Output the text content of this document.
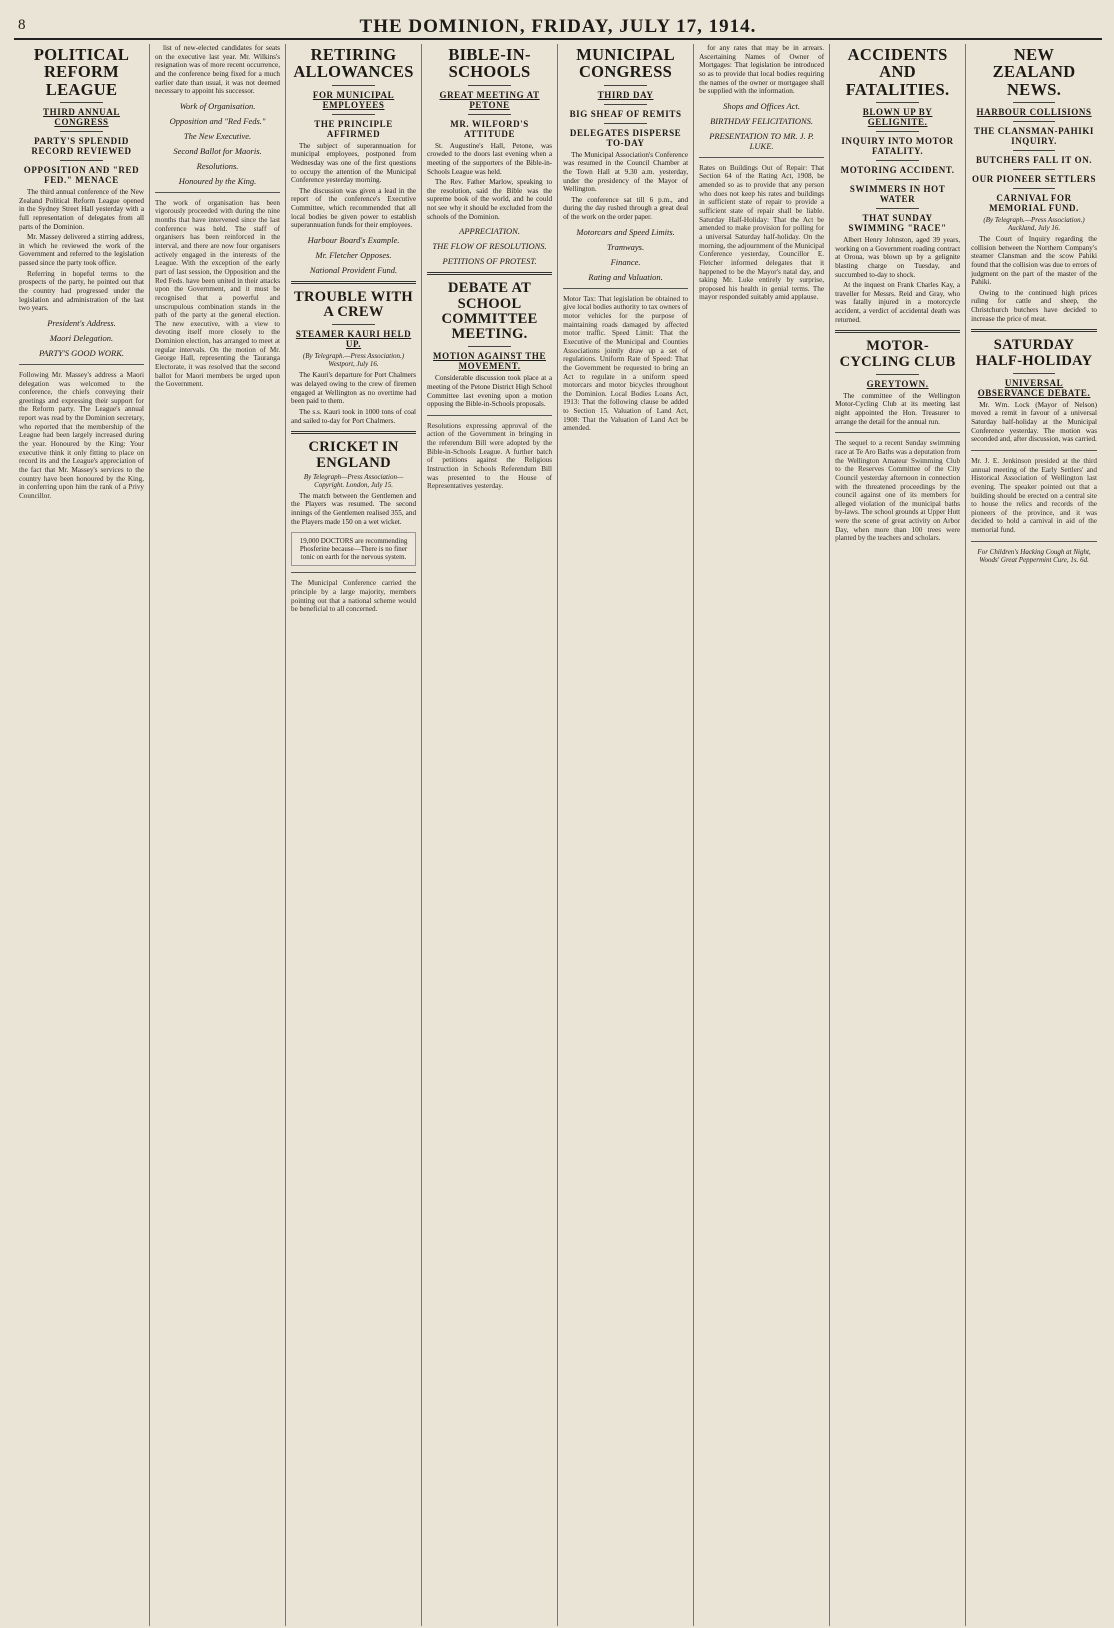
8	THE DOMINION, FRIDAY, JULY 17, 1914.
POLITICAL REFORM LEAGUE
THIRD ANNUAL CONGRESS
PARTY'S SPLENDID RECORD REVIEWED
OPPOSITION AND "RED FED." MENACE

The third annual conference of the New Zealand Political Reform League opened in the Sydney Street Hall yesterday with a full representation of delegates from all parts of the Dominion.

Mr. Massey delivered a stirring address, in which he reviewed the work of the Government and referred to the legislation passed since the party took office.

Referring in hopeful terms to the prospects of the party, he pointed out that the country had progressed under the legislation and administration of the last two years.

President's Address.
Maori Delegation.
PARTY'S GOOD WORK.
Following Mr. Massey's address a Maori delegation was welcomed to the conference, the chiefs conveying their greetings and expressing their support for the Reform party. The League's annual report was read by the Dominion secretary, who reported that the membership of the League had been largely increased during the year. Honoured by the King: Your executive think it only fitting to place on record its and the League's appreciation of the fact that Mr. Massey's services to the country have been honoured by the King, in conferring upon him the rank of a Privy Councillor.

list of new-elected candidates for seats on the executive last year. Mr. Wilkins's resignation was of more recent occurrence, and the conference being fixed for a much earlier date than usual, it was not deemed necessary to appoint his successor.

Work of Organisation.
Opposition and "Red Feds."
The New Executive.
Second Ballot for Maoris.
Resolutions.
Honoured by the King.
The work of organisation has been vigorously proceeded with during the nine months that have intervened since the last conference was held. The staff of organisers has been reinforced in the interval, and there are now four organisers actively engaged in the interests of the League. With the exception of the early part of last session, the Opposition and the Red Feds. have been united in their attacks upon the Government, and it must be recognised that a powerful and unscrupulous combination stands in the path of the party at the general election. The new executive, with a view to devoting itself more closely to the Dominion election, has arranged to meet at regular intervals. On the motion of Mr. George Hall, representing the Tauranga Electorate, it was resolved that the second ballot for Maori members be urged upon the Government.
RETIRING ALLOWANCES
FOR MUNICIPAL EMPLOYEES
THE PRINCIPLE AFFIRMED

The subject of superannuation for municipal employees, postponed from Wednesday was one of the first questions to occupy the attention of the Municipal Conference yesterday morning.

The discussion was given a lead in the report of the conference's Executive Committee, which recommended that all local bodies be given power to establish superannuation funds for their employees.

Harbour Board's Example.
Mr. Fletcher Opposes.
National Provident Fund.
TROUBLE WITH A CREW
STEAMER KAURI HELD UP.
(By Telegraph.—Press Association.) Westport, July 16.

The Kauri's departure for Port Chalmers was delayed owing to the crew of firemen engaged at Wellington as no overtime had been paid to them.

The s.s. Kauri took in 1000 tons of coal and sailed to-day for Port Chalmers.

CRICKET IN ENGLAND
By Telegraph—Press Association—Copyright. London, July 15.

The match between the Gentlemen and the Players was resumed. The second innings of the Gentlemen realised 355, and the Players made 150 on a wet wicket.

19,000 DOCTORS are recommending Phosferine because—There is no finer tonic on earth for the nervous system.
The Municipal Conference carried the principle by a large majority, members pointing out that a national scheme would be beneficial to all concerned.
BIBLE-IN-SCHOOLS
GREAT MEETING AT PETONE
MR. WILFORD'S ATTITUDE

St. Augustine's Hall, Petone, was crowded to the doors last evening when a meeting of the supporters of the Bible-in-Schools League was held.

The Rev. Father Marlow, speaking to the resolution, said the Bible was the supreme book of the world, and he could not see why it should be excluded from the schools of the Dominion.

APPRECIATION.
THE FLOW OF RESOLUTIONS.
PETITIONS OF PROTEST.
DEBATE AT SCHOOL COMMITTEE MEETING.
MOTION AGAINST THE MOVEMENT.

Considerable discussion took place at a meeting of the Petone District High School Committee last evening upon a motion opposing the Bible-in-Schools proposals.

Resolutions expressing approval of the action of the Government in bringing in the referendum Bill were adopted by the Bible-in-Schools League. A further batch of petitions against the Religious Instruction in Schools Referendum Bill was presented to the House of Representatives yesterday.
MUNICIPAL CONGRESS
THIRD DAY
BIG SHEAF OF REMITS
DELEGATES DISPERSE TO-DAY

The Municipal Association's Conference was resumed in the Council Chamber at the Town Hall at 9.30 a.m. yesterday, under the presidency of the Mayor of Wellington.

The conference sat till 6 p.m., and during the day rushed through a great deal of the work on the order paper.

Motorcars and Speed Limits.
Tramways.
Finance.
Rating and Valuation.
Motor Tax: That legislation be obtained to give local bodies authority to tax owners of motor vehicles for the purpose of maintaining roads damaged by affected motor traffic. Speed Limit: That the Executive of the Municipal and Counties Associations jointly draw up a set of regulations. Uniform Rate of Speed: That the Government be requested to bring an Act to regulate in a uniform speed motorcars and motor bicycles throughout the Dominion. Local Bodies Loans Act, 1913: That the following clause be added to Section 15. Valuation of Land Act, 1908: That the Valuation of Land Act be amended.

for any rates that may be in arrears. Ascertaining Names of Owner of Mortgages: That legislation be introduced so as to provide that local bodies requiring the names of the owner or mortgagee shall be supplied with the information.

Shops and Offices Act.
BIRTHDAY FELICITATIONS.
PRESENTATION TO MR. J. P. LUKE.
Rates on Buildings Out of Repair: That Section 64 of the Rating Act, 1908, be amended so as to provide that any person who does not keep his rates and buildings in sufficient state of repair to provide a sufficient state of repair shall be liable. Saturday Half-Holiday: That the Act be amended to make provision for polling for a universal Saturday half-holiday. On the morning, the adjournment of the Municipal Conference yesterday, Councillor E. Fletcher informed delegates that it happened to be the Mayor's natal day, and taking Mr. Luke entirely by surprise, proposed his health in genial terms. The mayor responded suitably amid applause.
ACCIDENTS AND FATALITIES.
BLOWN UP BY GELIGNITE.
INQUIRY INTO MOTOR FATALITY.
MOTORING ACCIDENT.
SWIMMERS IN HOT WATER
THAT SUNDAY SWIMMING "RACE"

Albert Henry Johnston, aged 39 years, working on a Government roading contract at Oroua, was blown up by a gelignite blasting charge on Tuesday, and succumbed to-day to shock.

At the inquest on Frank Charles Kay, a traveller for Messrs. Reid and Gray, who was fatally injured in a motorcycle accident, a verdict of accidental death was returned.

MOTOR-CYCLING CLUB
GREYTOWN.

The committee of the Wellington Motor-Cycling Club at its meeting last night appointed the Hon. Treasurer to arrange the detail for the annual run.

The sequel to a recent Sunday swimming race at Te Aro Baths was a deputation from the Wellington Amateur Swimming Club to the Reserves Committee of the City Council yesterday afternoon in connection with the threatened proceedings by the council against one of its members for alleged violation of the municipal baths by-laws. The school grounds at Upper Hutt were the scene of great activity on Arbor Day, when more than 100 trees were planted by the teachers and scholars.
NEW ZEALAND NEWS.
HARBOUR COLLISIONS
THE CLANSMAN-PAHIKI INQUIRY.
BUTCHERS FALL IT ON.
OUR PIONEER SETTLERS
CARNIVAL FOR MEMORIAL FUND.
(By Telegraph.—Press Association.) Auckland, July 16.

The Court of Inquiry regarding the collision between the Northern Company's steamer Clansman and the scow Pahiki found that the collision was due to errors of judgment on the part of the master of the Pahiki.

Owing to the continued high prices ruling for cattle and sheep, the Christchurch butchers have decided to increase the price of meat.

SATURDAY HALF-HOLIDAY
UNIVERSAL OBSERVANCE DEBATE.

Mr. Wm. Lock (Mayor of Nelson) moved a remit in favour of a universal Saturday half-holiday at the Municipal Conference yesterday. The motion was seconded and, after discussion, was carried.

Mr. J. E. Jenkinson presided at the third annual meeting of the Early Settlers' and Historical Association of Wellington last evening. The speaker pointed out that a building should be erected on a central site to house the relics and records of the pioneers of the province, and it was decided to hold a carnival in aid of the memorial fund.
For Children's Hacking Cough at Night, Woods' Great Peppermint Cure, 1s. 6d.
